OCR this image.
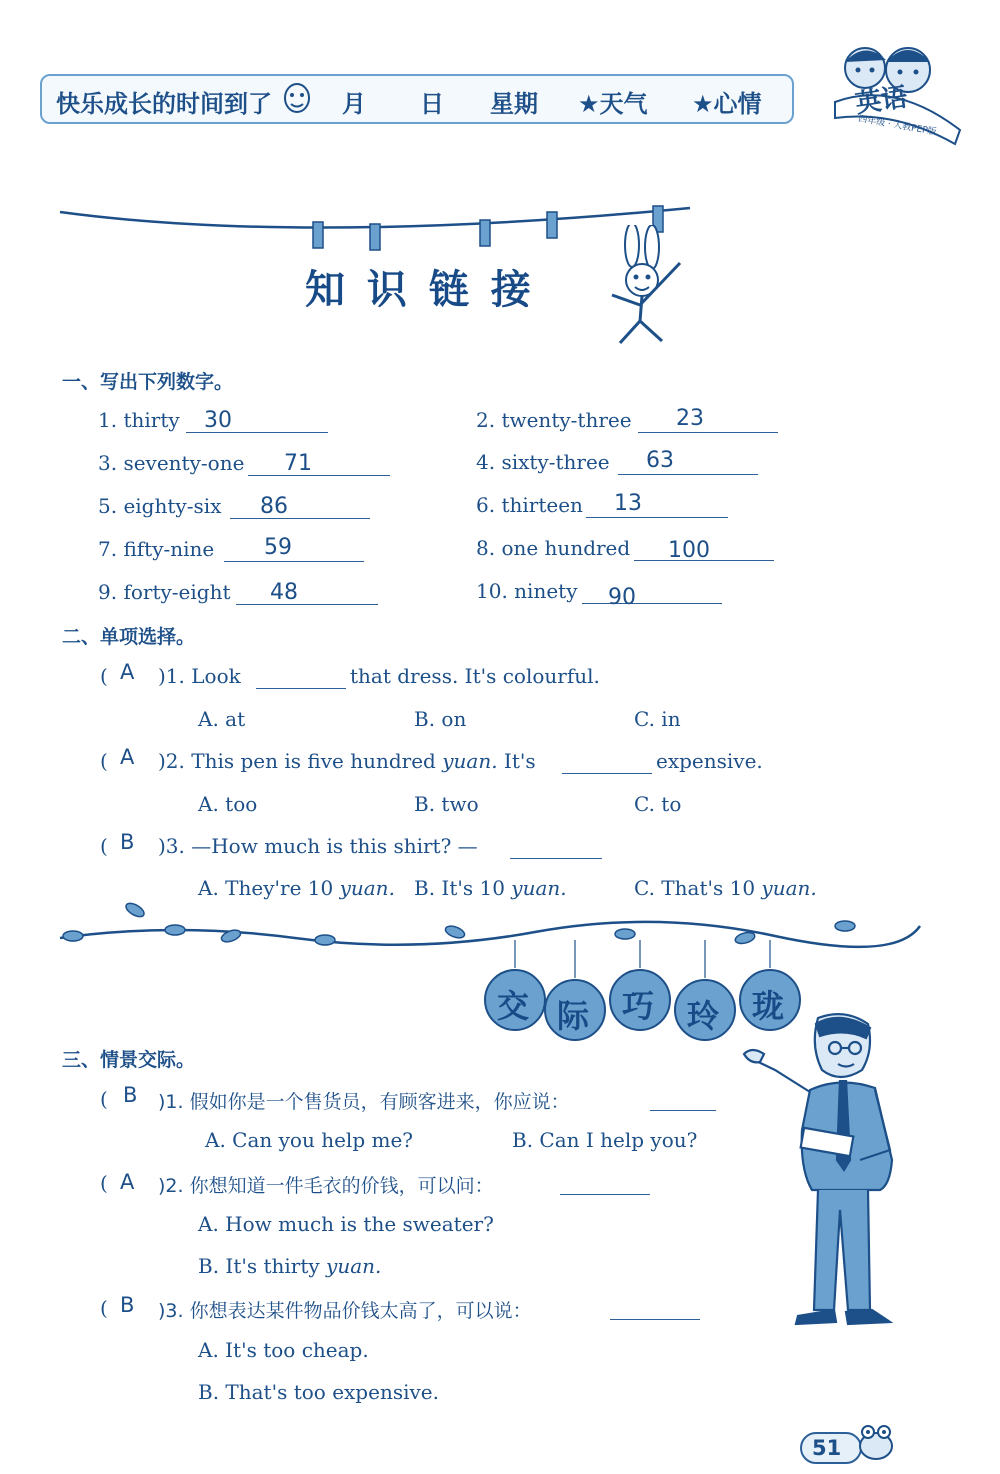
快乐成长的时间到了	月 日 星期 ★天气 ★心情	英语
四年级 · 人教PEP版
知 识 链 接
一、写出下列数字。
1. thirty 30	2. twenty-three 23
3. seventy-one 71	4. sixty-three 63
5. eighty-six 86	6. thirteen 13
7. fifty-nine 59	8. one hundred 100
9. forty-eight 48	10. ninety 90
二、单项选择。
( A )1. Look	that dress. It's colourful.
A. at	B. on	C. in
( A )2. This pen is five hundred yuan. It's	expensive.
A. too	B. two	C. to
( B )3. —How much is this shirt? —
A. They're 10 yuan. B. It's 10 yuan.	C. That's 10 yuan.
交 际 巧 玲 珑
三、情景交际。
( B )1. 假如你是一个售货员，有顾客进来，你应说：
A. Can you help me?	B. Can I help you?
( A )2. 你想知道一件毛衣的价钱，可以问：
A. How much is the sweater?
B. It's thirty yuan.
( B )3. 你想表达某件物品价钱太高了，可以说：
A. It's too cheap.
B. That's too expensive.
51
